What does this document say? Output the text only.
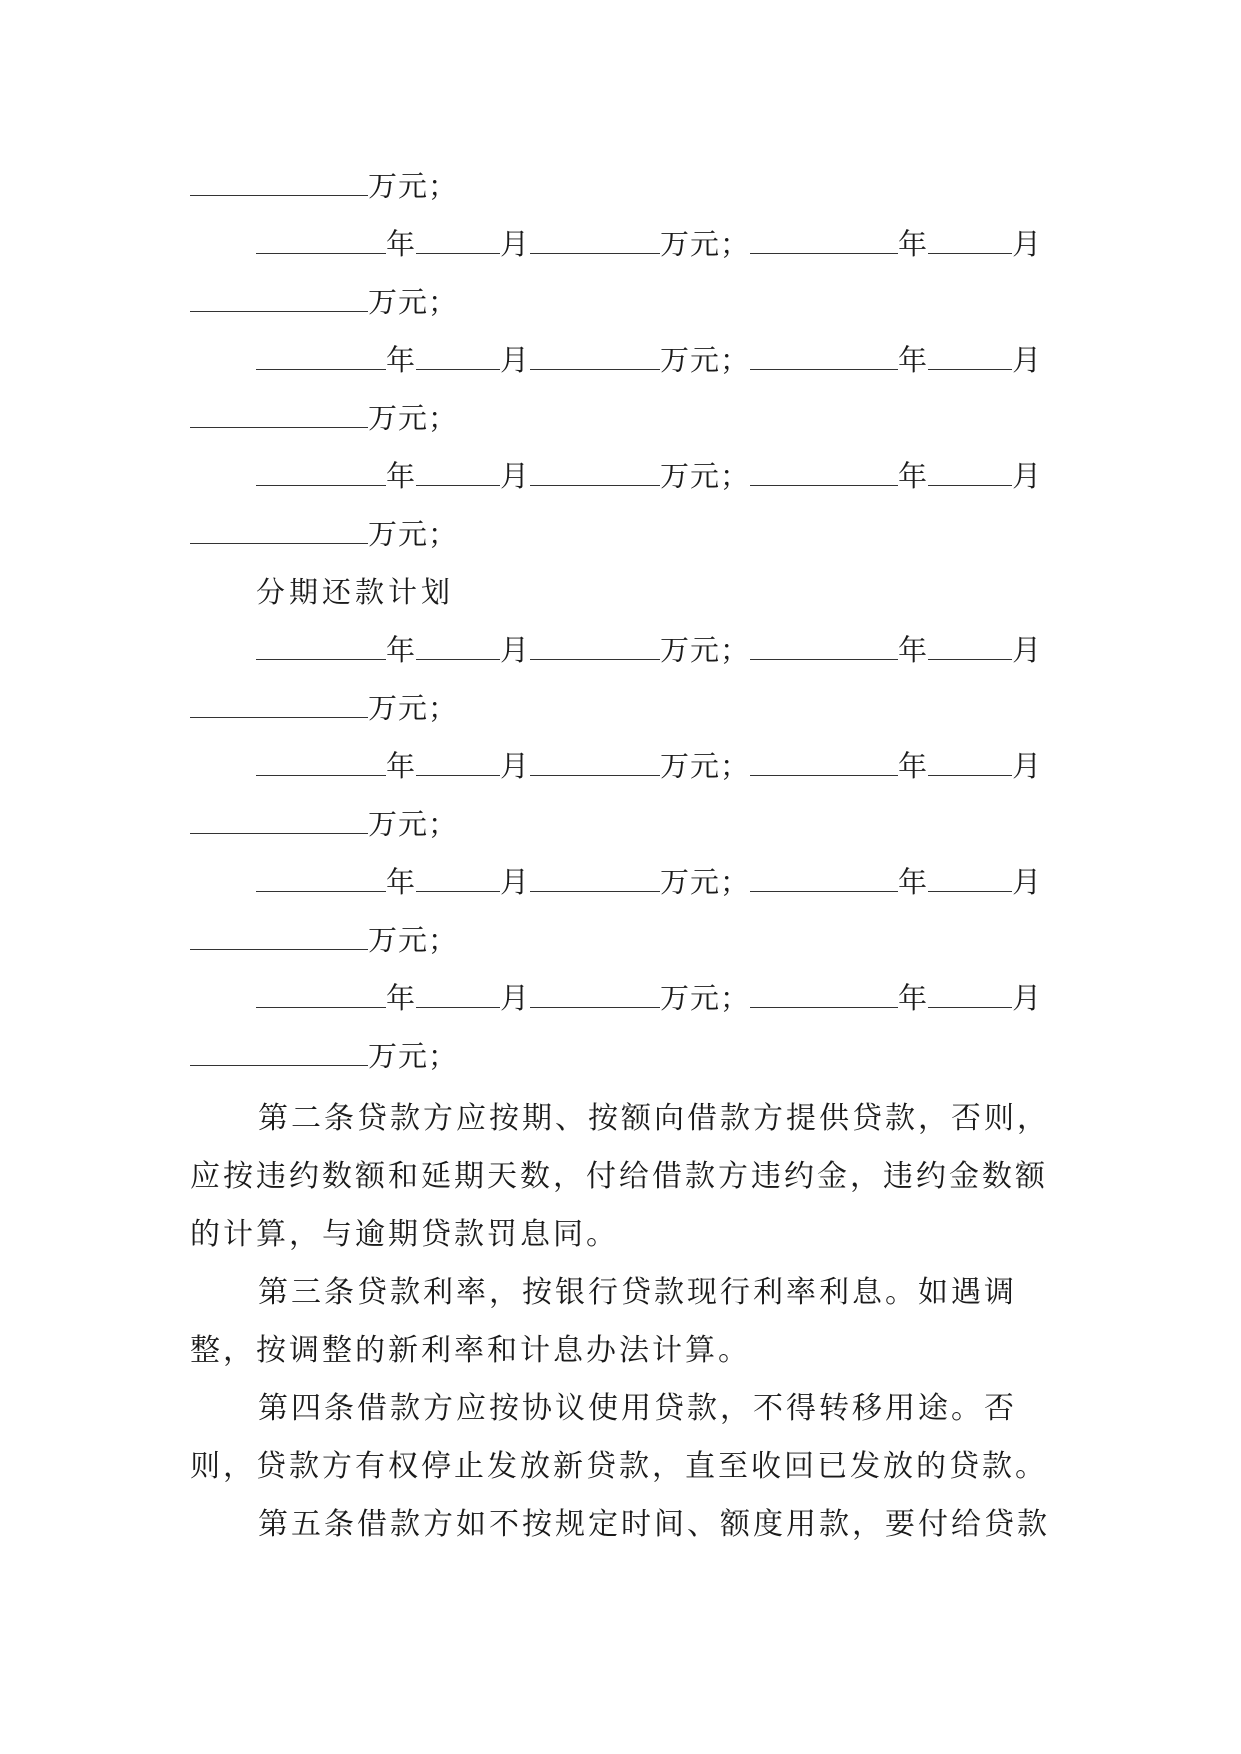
万元；
年	月	万元；	年	月
万元；
年	月	万元；	年	月
万元；
年	月	万元；	年	月
万元；
分期还款计划
年	月	万元；	年	月
万元；
年	月	万元；	年	月
万元；
年	月	万元；	年	月
万元；
年	月	万元；	年	月
万元；
第二条贷款方应按期、按额向借款方提供贷款，否则，应按违约数额和延期天数，付给借款方违约金，违约金数额的计算，与逾期贷款罚息同。
第三条贷款利率，按银行贷款现行利率利息。如遇调整，按调整的新利率和计息办法计算。
第四条借款方应按协议使用贷款，不得转移用途。否则，贷款方有权停止发放新贷款，直至收回已发放的贷款。
第五条借款方如不按规定时间、额度用款，要付给贷款
